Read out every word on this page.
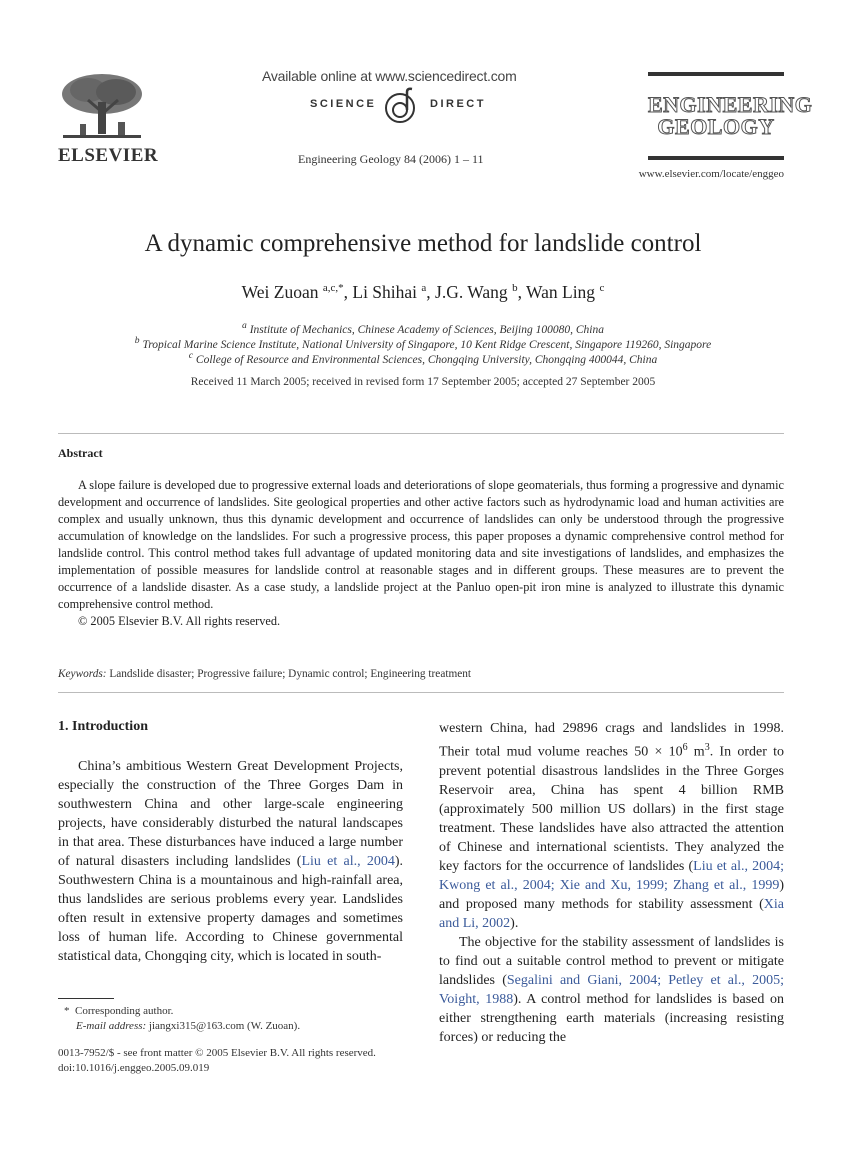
ELSEVIER
Available online at www.sciencedirect.com
SCIENCE	DIRECT
Engineering Geology 84 (2006) 1 – 11
ENGINEERING
GEOLOGY
www.elsevier.com/locate/enggeo
A dynamic comprehensive method for landslide control
Wei Zuoan $^{a,c,*}$, Li Shihai $^a$, J.G. Wang $^b$, Wan Ling $^c$
$^a$ Institute of Mechanics, Chinese Academy of Sciences, Beijing 100080, China
$^b$ Tropical Marine Science Institute, National University of Singapore, 10 Kent Ridge Crescent, Singapore 119260, Singapore
$^c$ College of Resource and Environmental Sciences, Chongqing University, Chongqing 400044, China
Received 11 March 2005; received in revised form 17 September 2005; accepted 27 September 2005
Abstract

A slope failure is developed due to progressive external loads and deteriorations of slope geomaterials, thus forming a progressive and dynamic development and occurrence of landslides. Site geological properties and other active factors such as hydrodynamic load and human activities are complex and usually unknown, thus this dynamic development and occurrence of landslides can only be understood through the progressive accumulation of knowledge on the landslides. For such a progressive process, this paper proposes a dynamic comprehensive control method for landslide control. This control method takes full advantage of updated monitoring data and site investigations of landslides, and emphasizes the implementation of possible measures for landslide control at reasonable stages and in different groups. These measures are to prevent the occurrence of a landslide disaster. As a case study, a landslide project at the Panluo open-pit iron mine is analyzed to illustrate this dynamic comprehensive control method.

© 2005 Elsevier B.V. All rights reserved.

Keywords: Landslide disaster; Progressive failure; Dynamic control; Engineering treatment
1. Introduction

China’s ambitious Western Great Development Projects, especially the construction of the Three Gorges Dam in southwestern China and other large-scale engineering projects, have considerably disturbed the natural landscapes in that area. These disturbances have induced a large number of natural disasters including landslides (Liu et al., 2004). Southwestern China is a mountainous and high-rainfall area, thus landslides are serious problems every year. Landslides often result in extensive property damages and sometimes loss of human life. According to Chinese governmental statistical data, Chongqing city, which is located in south-

western China, had 29896 crags and landslides in 1998. Their total mud volume reaches $50 \times 10^6$ $m^3$. In order to prevent potential disastrous landslides in the Three Gorges Reservoir area, China has spent 4 billion RMB (approximately 500 million US dollars) in the first stage treatment. These landslides have also attracted the attention of Chinese and international scientists. They analyzed the key factors for the occurrence of landslides (Liu et al., 2004; Kwong et al., 2004; Xie and Xu, 1999; Zhang et al., 1999) and proposed many methods for stability assessment (Xia and Li, 2002).

The objective for the stability assessment of landslides is to find out a suitable control method to prevent or mitigate landslides (Segalini and Giani, 2004; Petley et al., 2005; Voight, 1988). A control method for landslides is based on either strengthening earth materials (increasing resisting forces) or reducing the

* Corresponding author.
E-mail address: jiangxi315@163.com (W. Zuoan).
0013-7952/$ - see front matter © 2005 Elsevier B.V. All rights reserved.
doi:10.1016/j.enggeo.2005.09.019
